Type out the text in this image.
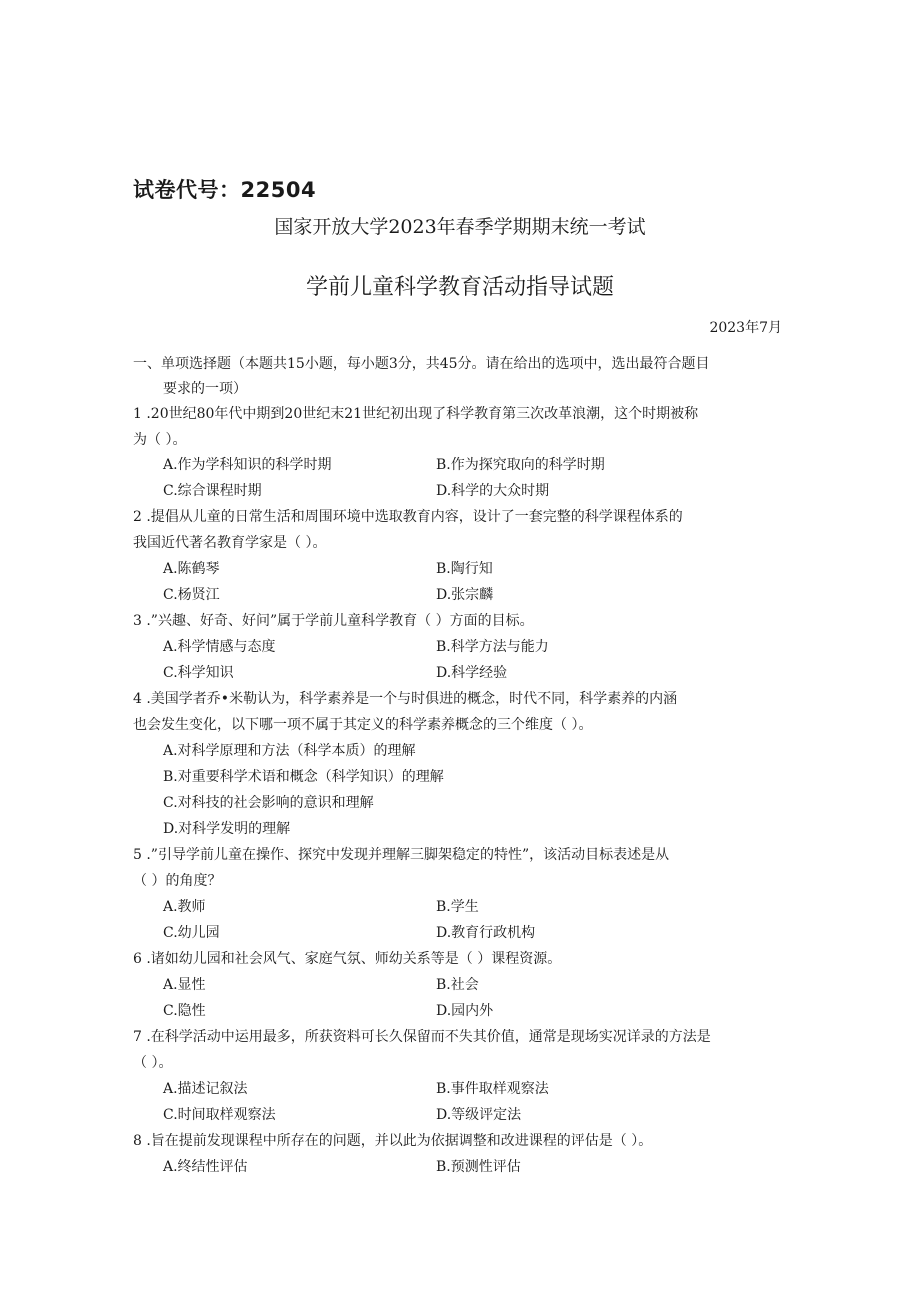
试卷代号：22504
国家开放大学2023年春季学期期末统一考试
学前儿童科学教育活动指导试题
2023年7月
一、单项选择题（本题共15小题，每小题3分，共45分。请在给出的选项中，选出最符合题目
要求的一项）
1 .20世纪80年代中期到20世纪末21世纪初出现了科学教育第三次改革浪潮，这个时期被称
为（ ）。
A.作为学科知识的科学时期	B.作为探究取向的科学时期
C.综合课程时期	D.科学的大众时期
2 .提倡从儿童的日常生活和周围环境中选取教育内容，设计了一套完整的科学课程体系的
我国近代著名教育学家是（ ）。
A.陈鹤琴	B.陶行知
C.杨贤江	D.张宗麟
3 .”兴趣、好奇、好问”属于学前儿童科学教育（ ）方面的目标。
A.科学情感与态度	B.科学方法与能力
C.科学知识	D.科学经验
4 .美国学者乔•米勒认为，科学素养是一个与时俱进的概念，时代不同，科学素养的内涵
也会发生变化，以下哪一项不属于其定义的科学素养概念的三个维度（ ）。
A.对科学原理和方法（科学本质）的理解
B.对重要科学术语和概念（科学知识）的理解
C.对科技的社会影响的意识和理解
D.对科学发明的理解
5 .”引导学前儿童在操作、探究中发现并理解三脚架稳定的特性”，该活动目标表述是从
（ ）的角度？
A.教师	B.学生
C.幼儿园	D.教育行政机构
6 .诸如幼儿园和社会风气、家庭气氛、师幼关系等是（ ）课程资源。
A.显性	B.社会
C.隐性	D.园内外
7 .在科学活动中运用最多，所获资料可长久保留而不失其价值，通常是现场实况详录的方法是
（ ）。
A.描述记叙法	B.事件取样观察法
C.时间取样观察法	D.等级评定法
8 .旨在提前发现课程中所存在的问题，并以此为依据调整和改进课程的评估是（ ）。
A.终结性评估	B.预测性评估
